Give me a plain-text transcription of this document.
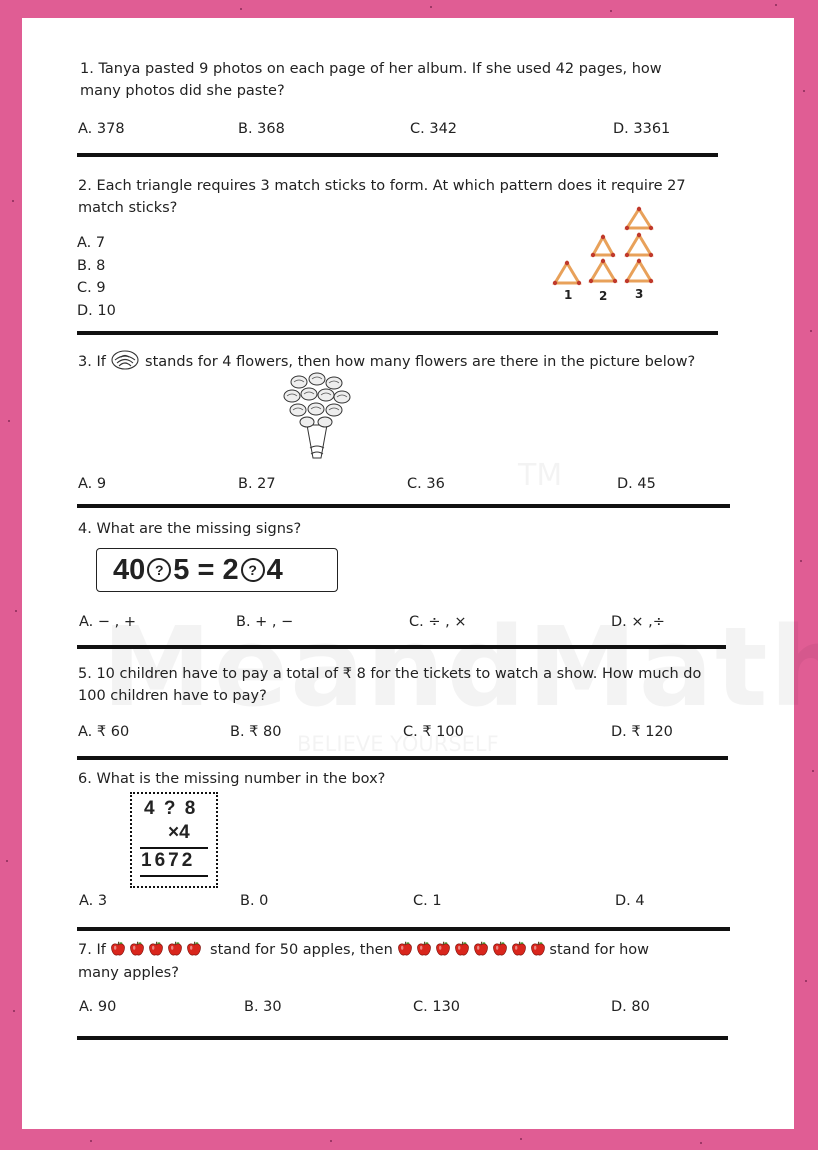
1. Tanya pasted 9 photos on each page of her album. If she used 42 pages, how many photos did she paste?
A. 378	B. 368	C. 342	D. 3361
2. Each triangle requires 3 match sticks to form. At which pattern does it require 27 match sticks?
A. 7
B. 8
C. 9
D. 10
1 2 3
3. If	stands for 4 flowers, then how many flowers are there in the picture below?
A. 9	B. 27	C. 36	D. 45
4. What are the missing signs?
40 ? 5 = 2 ? 4
A. − , +	B. + , −	C. ÷ , ×	D. × ,÷
5. 10 children have to pay a total of ₹ 8 for the tickets to watch a show. How much do 100 children have to pay?
A. ₹ 60	B. ₹ 80	C. ₹ 100	D. ₹ 120
6. What is the missing number in the box?
4 ? 8
×4
1672
A. 3	B. 0	C. 1	D. 4
7. If	stand for 50 apples, then	stand for how
many apples?
A. 90	B. 30	C. 130	D. 80
